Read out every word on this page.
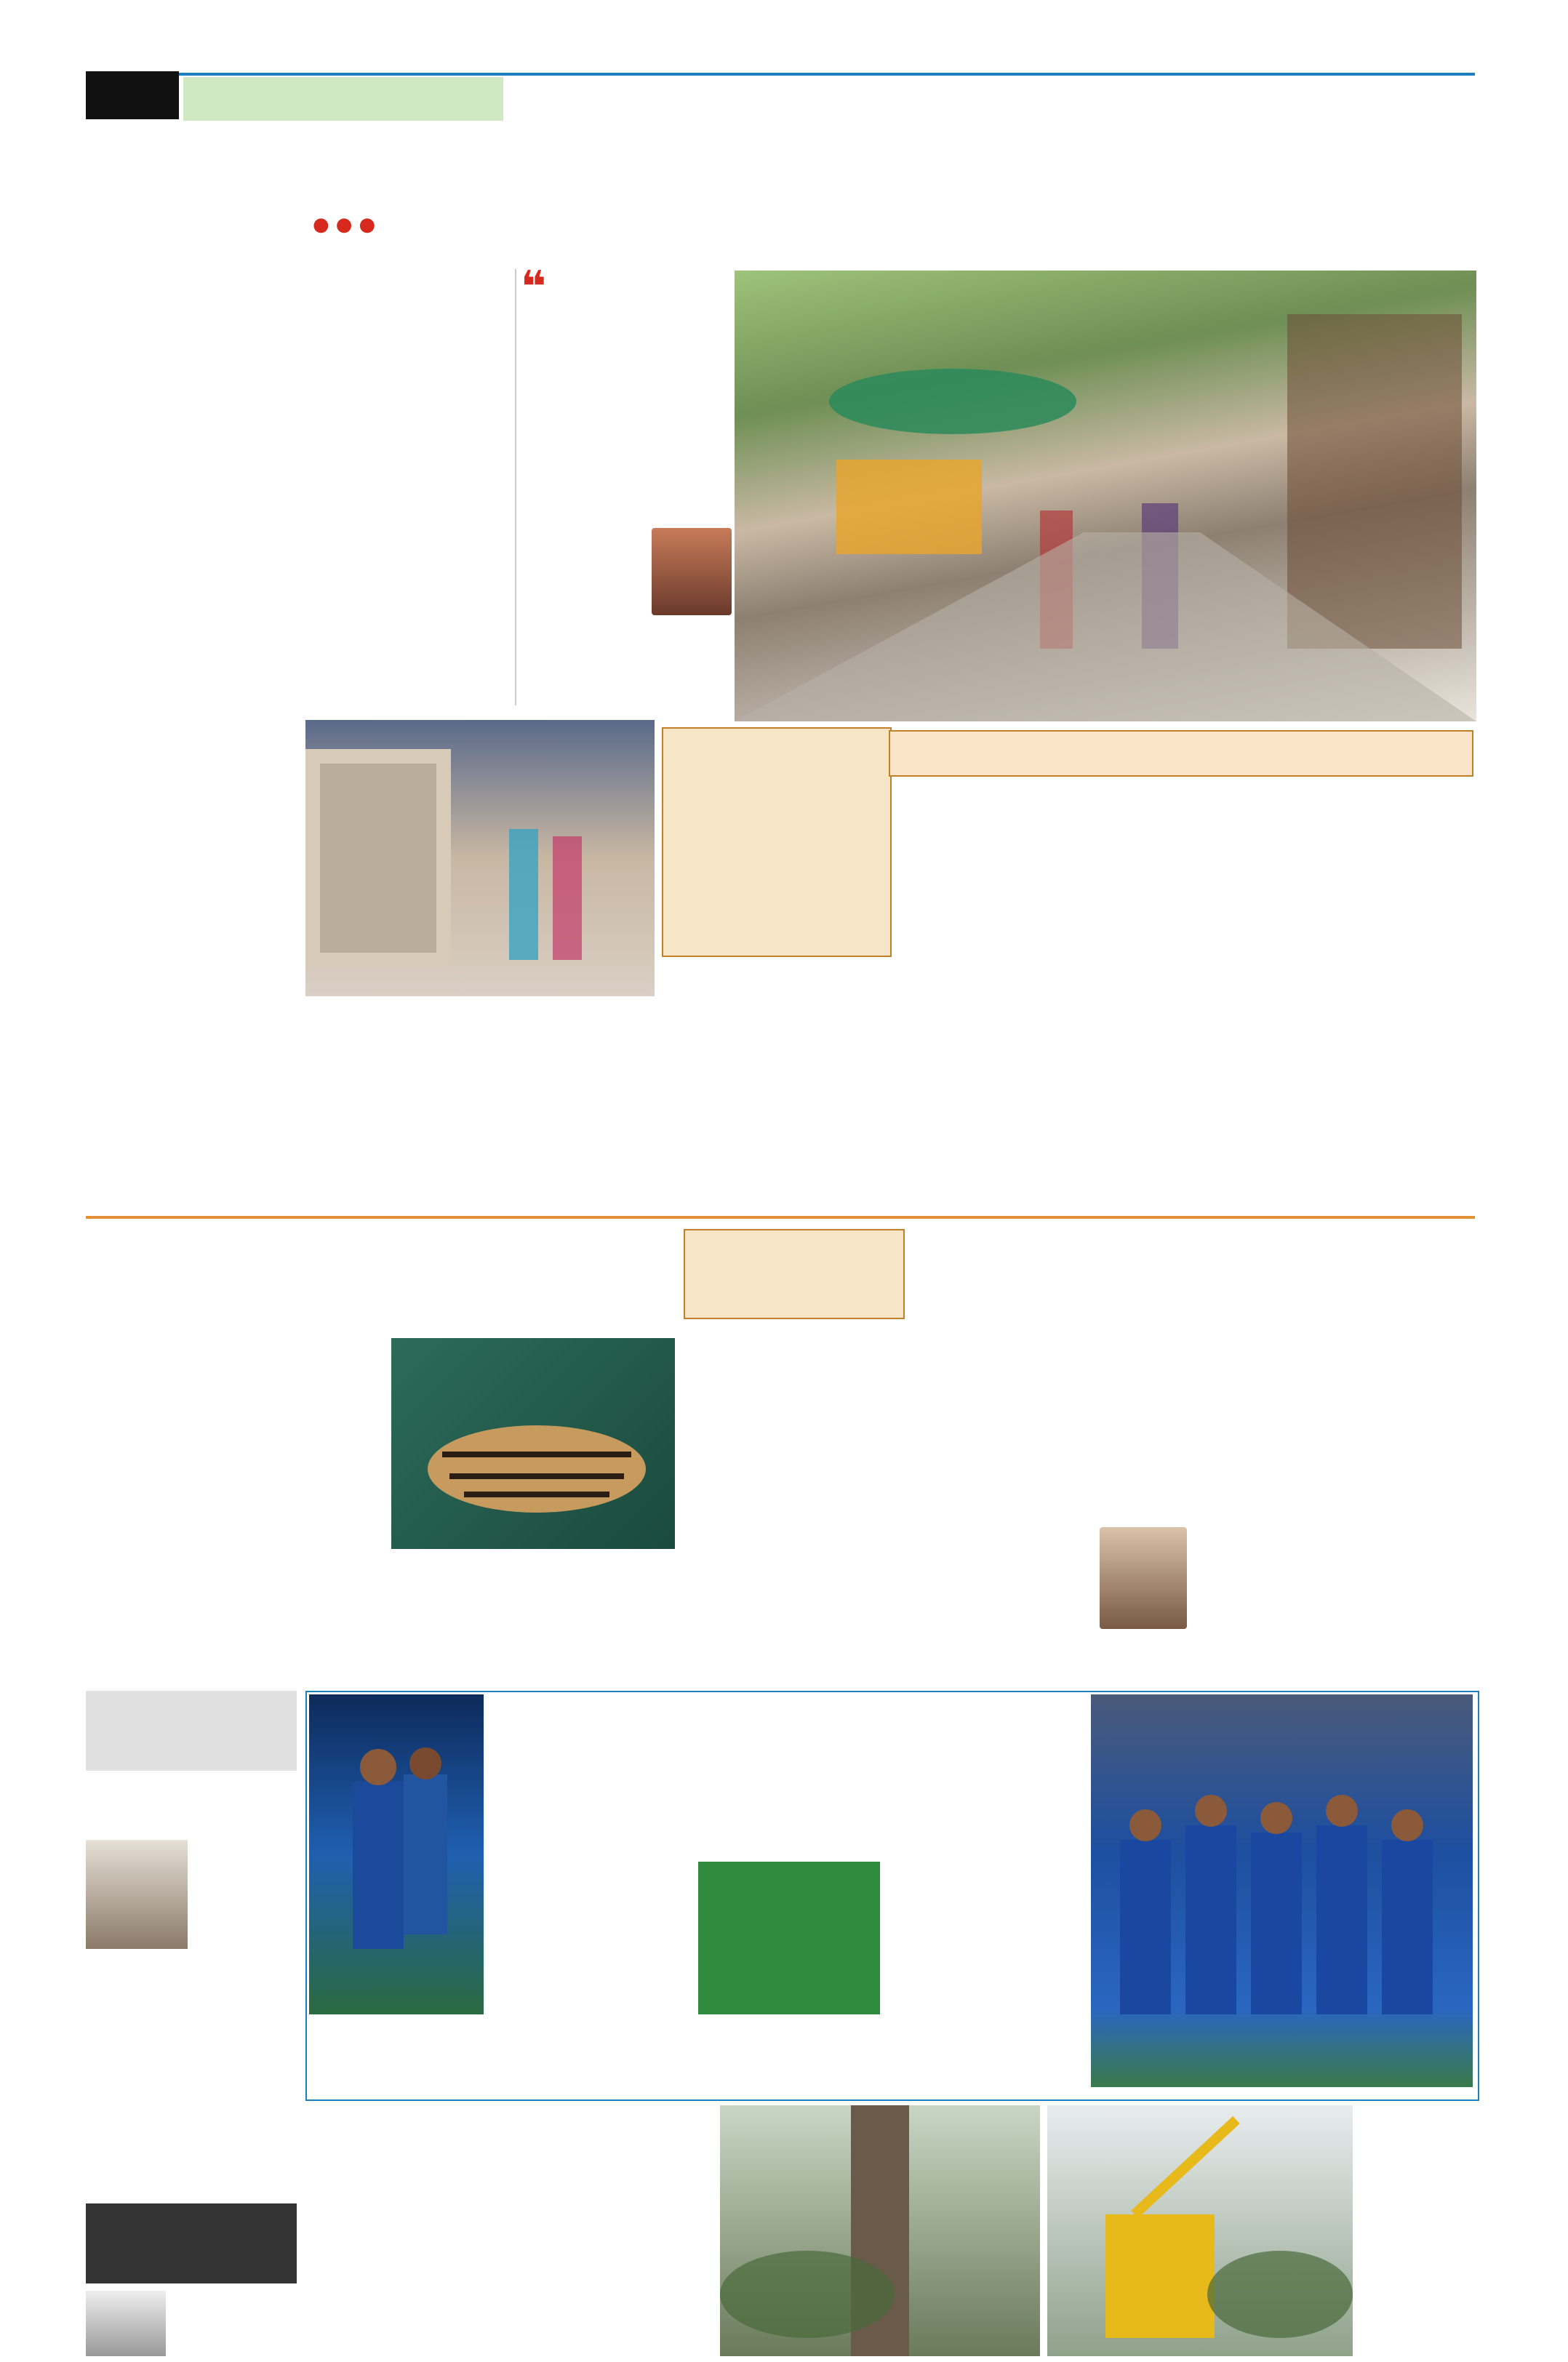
● ● ●
❝
